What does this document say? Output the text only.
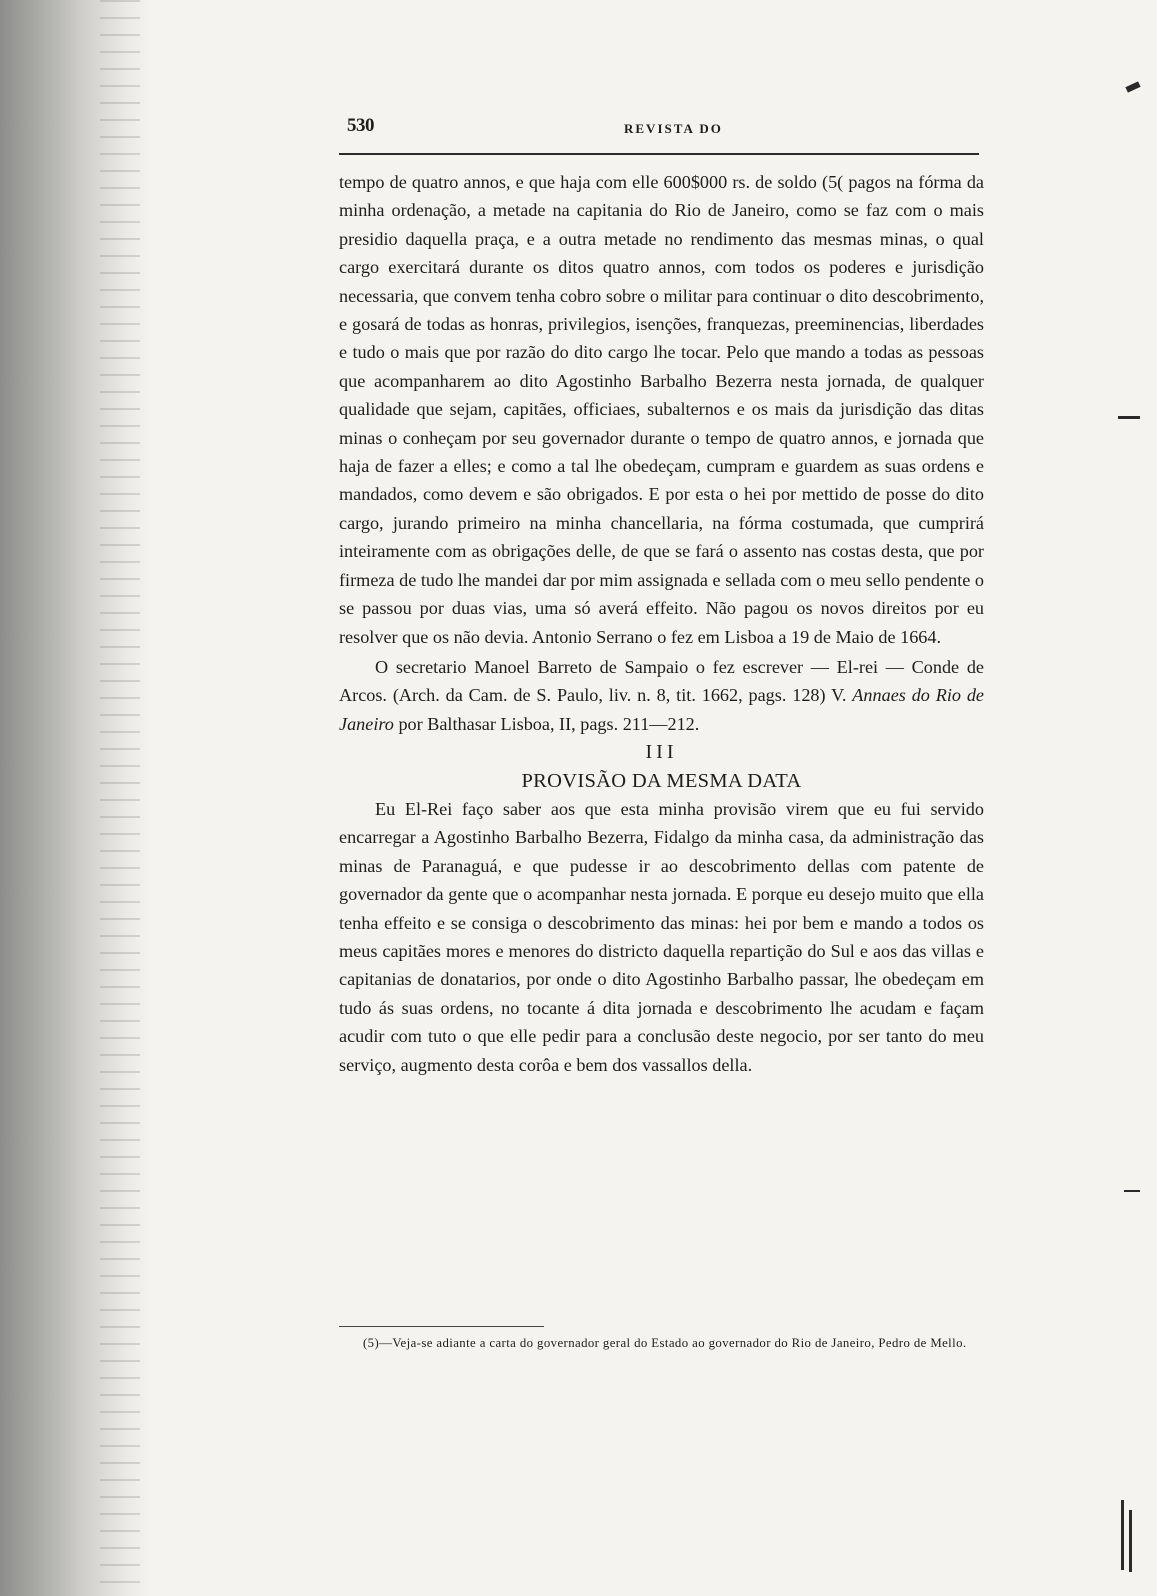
530	REVISTA DO

tempo de quatro annos, e que haja com elle 600$000 rs. de soldo (5( pagos na fórma da minha ordenação, a metade na capitania do Rio de Janeiro, como se faz com o mais presidio daquella praça, e a outra metade no rendimento das mesmas minas, o qual cargo exercitará durante os ditos quatro annos, com todos os poderes e jurisdição necessaria, que convem tenha cobro sobre o militar para continuar o dito descobrimento, e gosará de todas as honras, privilegios, isenções, franquezas, preeminencias, liberdades e tudo o mais que por razão do dito cargo lhe tocar. Pelo que mando a todas as pessoas que acompanharem ao dito Agostinho Barbalho Bezerra nesta jornada, de qualquer qualidade que sejam, capitães, officiaes, subalternos e os mais da jurisdição das ditas minas o conheçam por seu governador durante o tempo de quatro annos, e jornada que haja de fazer a elles; e como a tal lhe obedeçam, cumpram e guardem as suas ordens e mandados, como devem e são obrigados. E por esta o hei por mettido de posse do dito cargo, jurando primeiro na minha chancellaria, na fórma costumada, que cumprirá inteiramente com as obrigações delle, de que se fará o assento nas costas desta, que por firmeza de tudo lhe mandei dar por mim assignada e sellada com o meu sello pendente o se passou por duas vias, uma só averá effeito. Não pagou os novos direitos por eu resolver que os não devia. Antonio Serrano o fez em Lisboa a 19 de Maio de 1664.

O secretario Manoel Barreto de Sampaio o fez escrever — El-rei — Conde de Arcos. (Arch. da Cam. de S. Paulo, liv. n. 8, tit. 1662, pags. 128) V. Annaes do Rio de Janeiro por Balthasar Lisboa, II, pags. 211—212.

III

PROVISÃO DA MESMA DATA

Eu El-Rei faço saber aos que esta minha provisão virem que eu fui servido encarregar a Agostinho Barbalho Bezerra, Fidalgo da minha casa, da administração das minas de Paranaguá, e que pudesse ir ao descobrimento dellas com patente de governador da gente que o acompanhar nesta jornada. E porque eu desejo muito que ella tenha effeito e se consiga o descobrimento das minas: hei por bem e mando a todos os meus capitães mores e menores do districto daquella repartição do Sul e aos das villas e capitanias de donatarios, por onde o dito Agostinho Barbalho passar, lhe obedeçam em tudo ás suas ordens, no tocante á dita jornada e descobrimento lhe acudam e façam acudir com tuto o que elle pedir para a conclusão deste negocio, por ser tanto do meu serviço, augmento desta corôa e bem dos vassallos della.

(5)—Veja-se adiante a carta do governador geral do Estado ao governador do Rio de Janeiro, Pedro de Mello.
